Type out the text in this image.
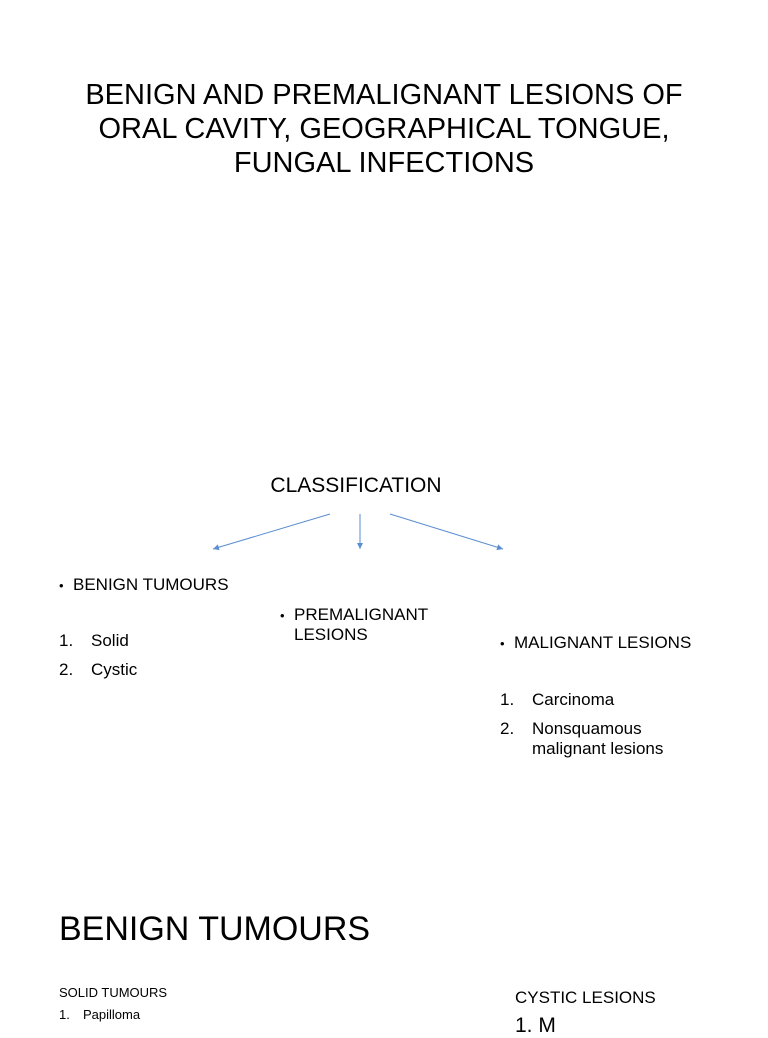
BENIGN AND PREMALIGNANT LESIONS OF ORAL CAVITY, GEOGRAPHICAL TONGUE, FUNGAL INFECTIONS
CLASSIFICATION
• BENIGN TUMOURS
1. Solid
2. Cystic
• PREMALIGNANT LESIONS	• MALIGNANT LESIONS
1. Carcinoma
2. Nonsquamous malignant lesions
BENIGN TUMOURS
SOLID TUMOURS
1. Papilloma
CYSTIC LESIONS
1. M
